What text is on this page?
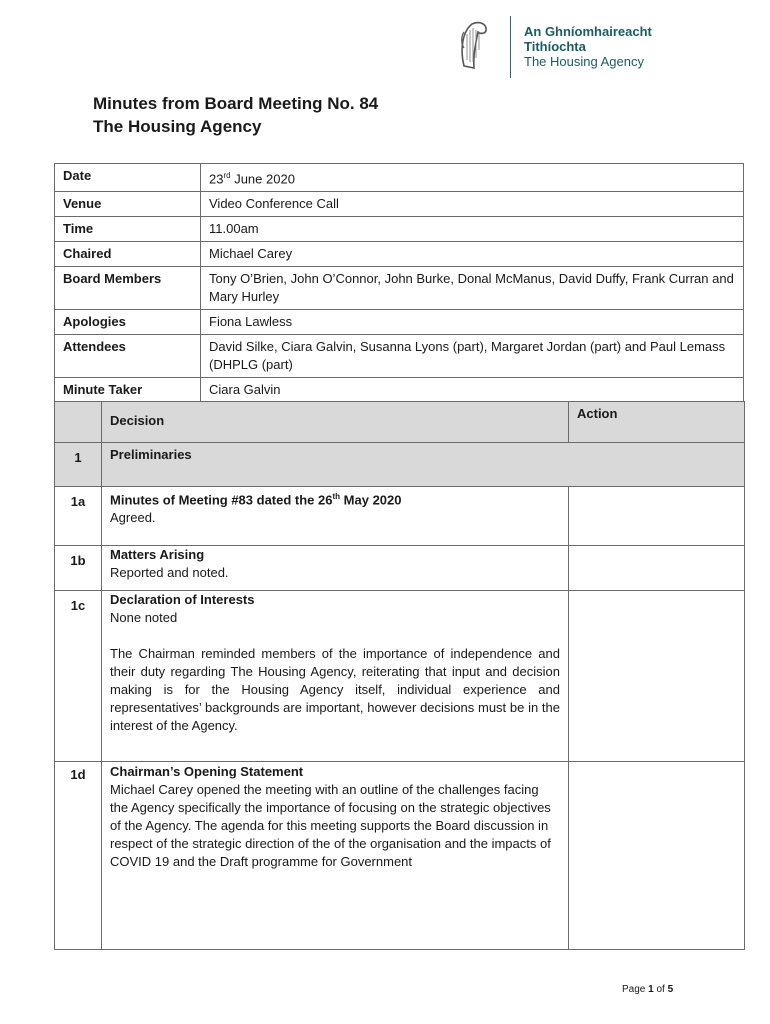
An Ghníomhaireacht
Tithíochta
The Housing Agency
Minutes from Board Meeting No. 84
The Housing Agency
Date	23rd June 2020
Venue	Video Conference Call
Time	11.00am
Chaired	Michael Carey
Board Members	Tony O’Brien, John O’Connor, John Burke, Donal McManus, David Duffy, Frank Curran and Mary Hurley
Apologies	Fiona Lawless
Attendees	David Silke, Ciara Galvin, Susanna Lyons (part), Margaret Jordan (part) and Paul Lemass (DHPLG (part)
Minute Taker	Ciara Galvin
	Decision	Action
1	Preliminaries	
1a	Minutes of Meeting #83 dated the 26th May 2020
Agreed.	

1b	Matters Arising
Reported and noted.	

1c	Declaration of Interests
None noted
The Chairman reminded members of the importance of independence and their duty regarding The Housing Agency, reiterating that input and decision making is for the Housing Agency itself, individual experience and representatives’ backgrounds are important, however decisions must be in the interest of the Agency.	

1d	Chairman’s Opening Statement
Michael Carey opened the meeting with an outline of the challenges facing the Agency specifically the importance of focusing on the strategic objectives of the Agency. The agenda for this meeting supports the Board discussion in respect of the strategic direction of the of the organisation and the impacts of COVID 19 and the Draft programme for Government	

Page 1 of 5
